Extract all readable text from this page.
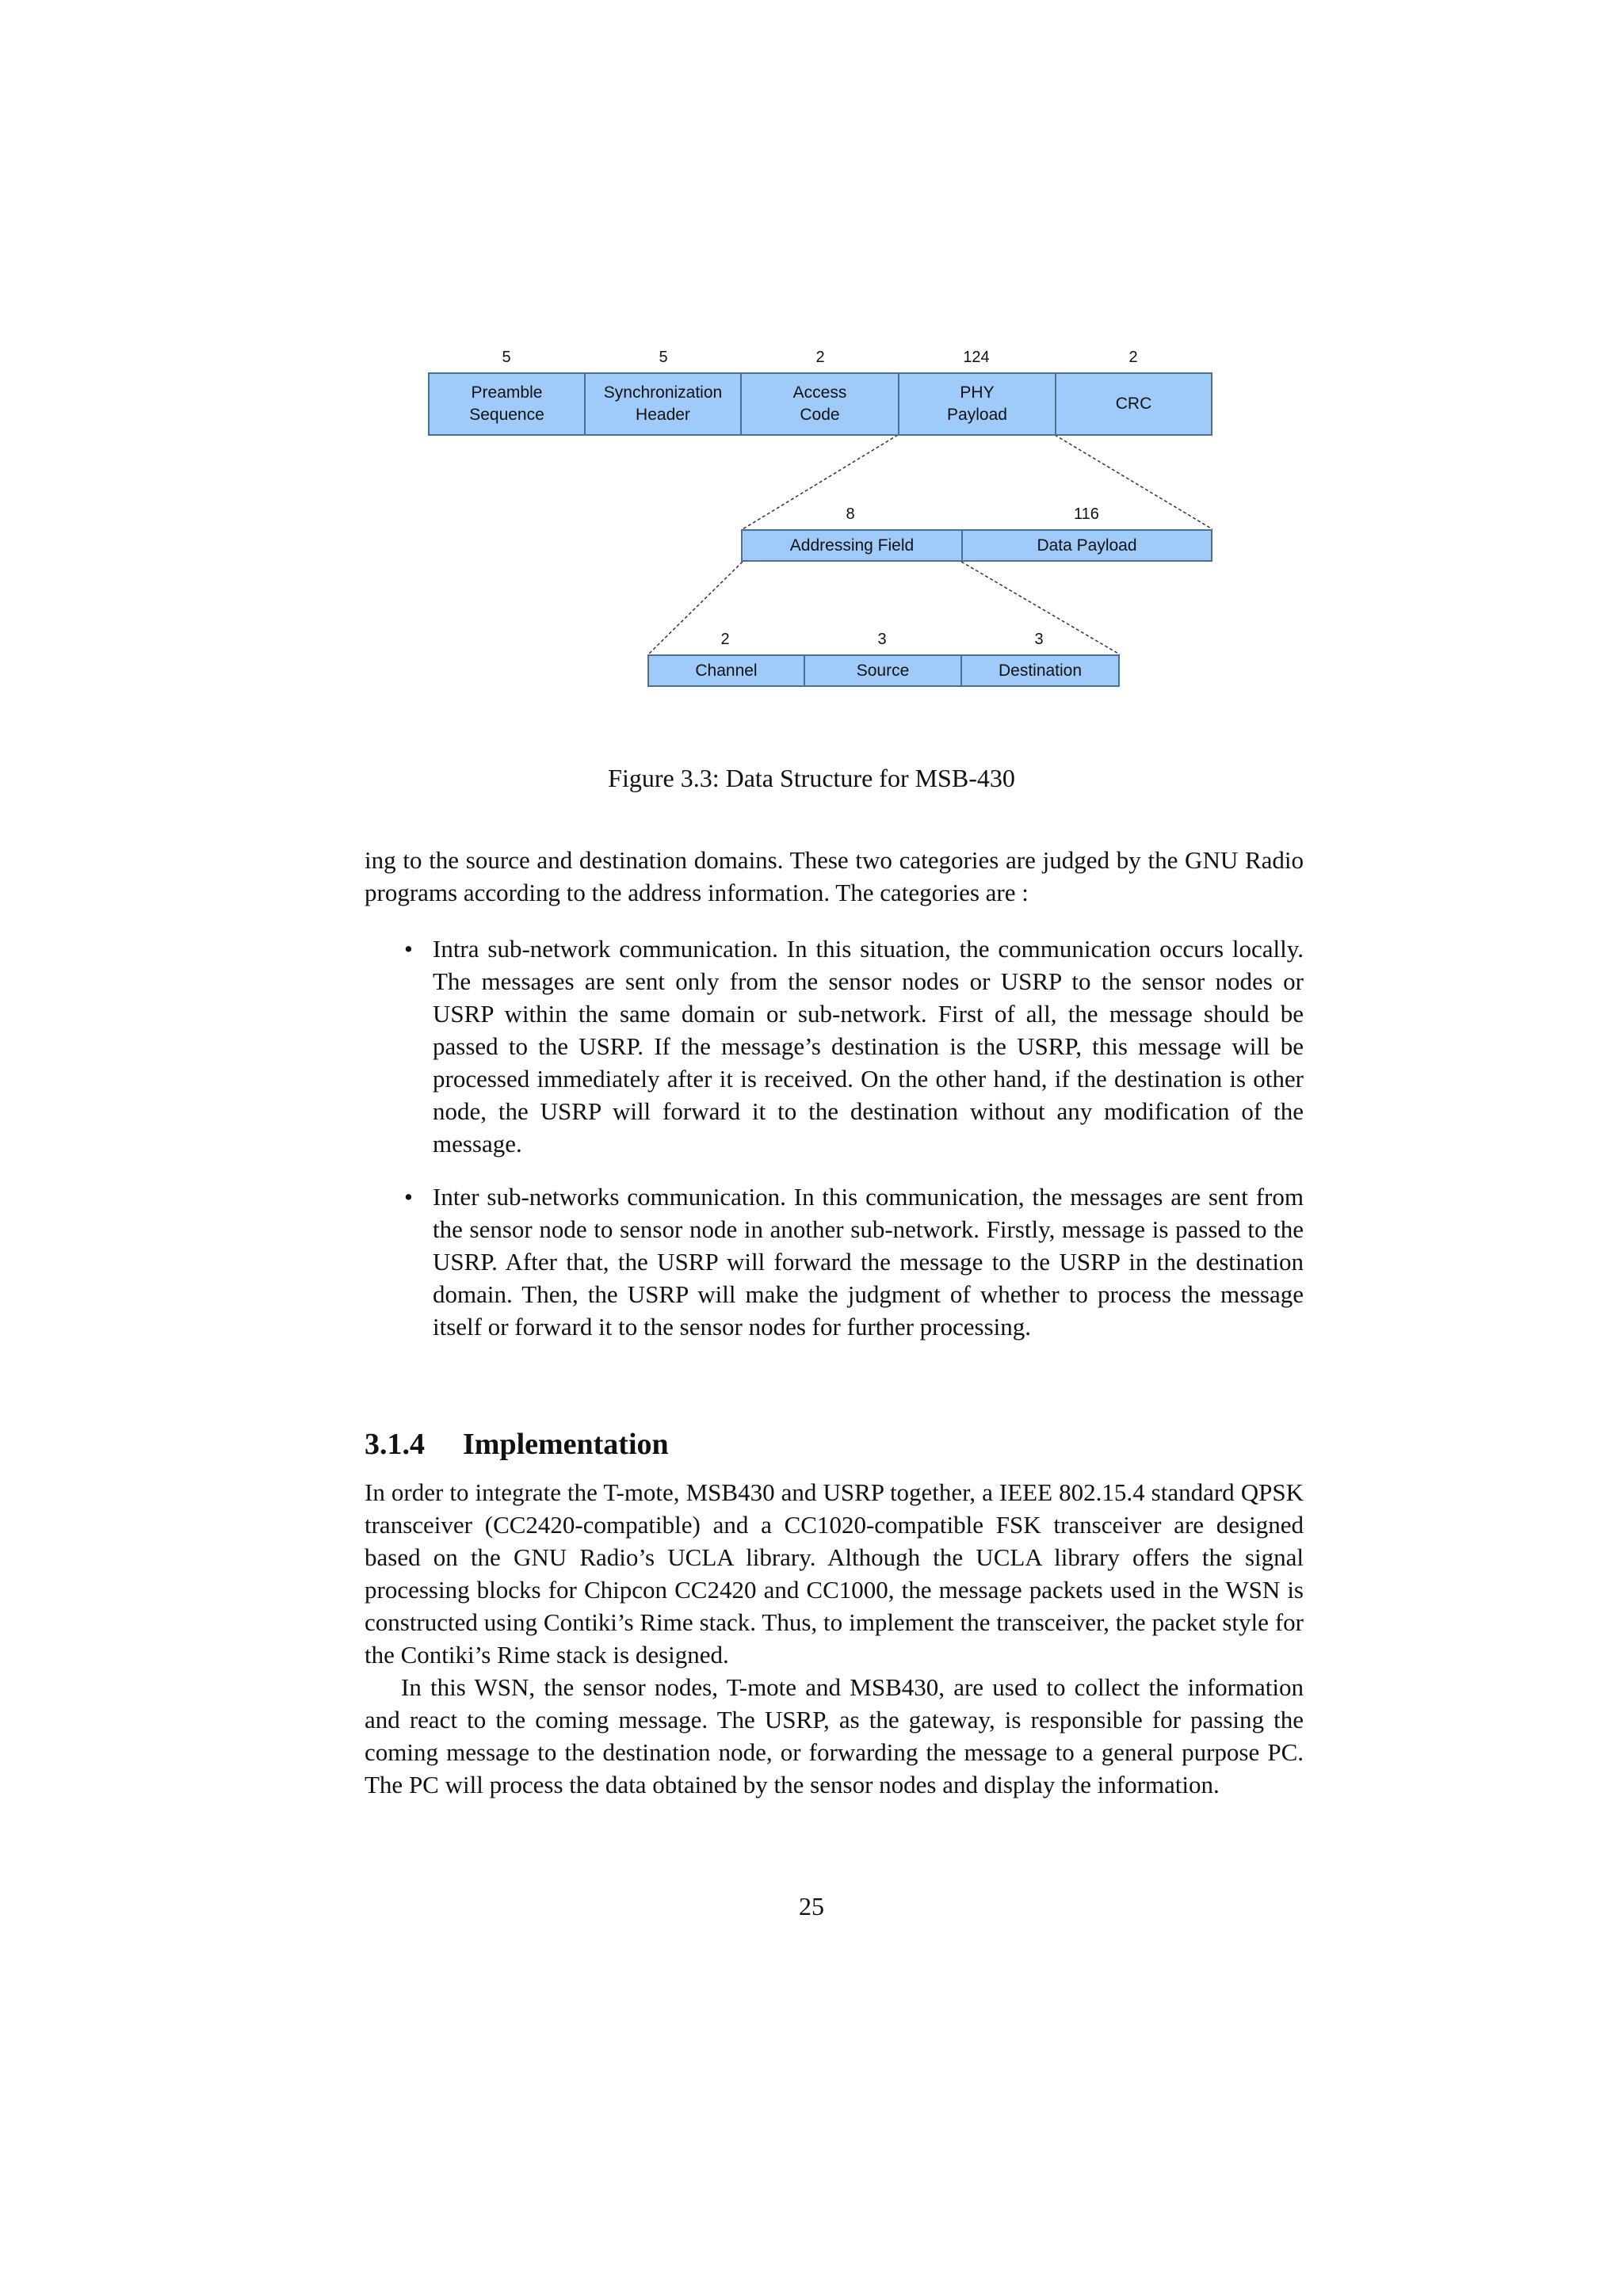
5	5	2	124	2
Preamble
Sequence
Synchronization
Header
Access
Code
PHY
Payload
CRC
8	116
Addressing Field	Data Payload
2	3	3
Channel	Source	Destination
Figure 3.3: Data Structure for MSB-430

ing to the source and destination domains. These two categories are judged by the GNU Radio programs according to the address information. The categories are :

• Intra sub-network communication. In this situation, the communication occurs locally. The messages are sent only from the sensor nodes or USRP to the sensor nodes or USRP within the same domain or sub-network. First of all, the message should be passed to the USRP. If the message’s destination is the USRP, this message will be processed immediately after it is received. On the other hand, if the destination is other node, the USRP will forward it to the destination without any modification of the message.

• Inter sub-networks communication. In this communication, the messages are sent from the sensor node to sensor node in another sub-network. Firstly, message is passed to the USRP. After that, the USRP will forward the message to the USRP in the destination domain. Then, the USRP will make the judgment of whether to process the message itself or forward it to the sensor nodes for further processing.

3.1.4 Implementation

In order to integrate the T-mote, MSB430 and USRP together, a IEEE 802.15.4 standard QPSK transceiver (CC2420-compatible) and a CC1020-compatible FSK transceiver are designed based on the GNU Radio’s UCLA library. Although the UCLA library offers the signal processing blocks for Chipcon CC2420 and CC1000, the message packets used in the WSN is constructed using Contiki’s Rime stack. Thus, to implement the transceiver, the packet style for the Contiki’s Rime stack is designed.

In this WSN, the sensor nodes, T-mote and MSB430, are used to collect the information and react to the coming message. The USRP, as the gateway, is responsible for passing the coming message to the destination node, or forwarding the message to a general purpose PC. The PC will process the data obtained by the sensor nodes and display the information.

25
